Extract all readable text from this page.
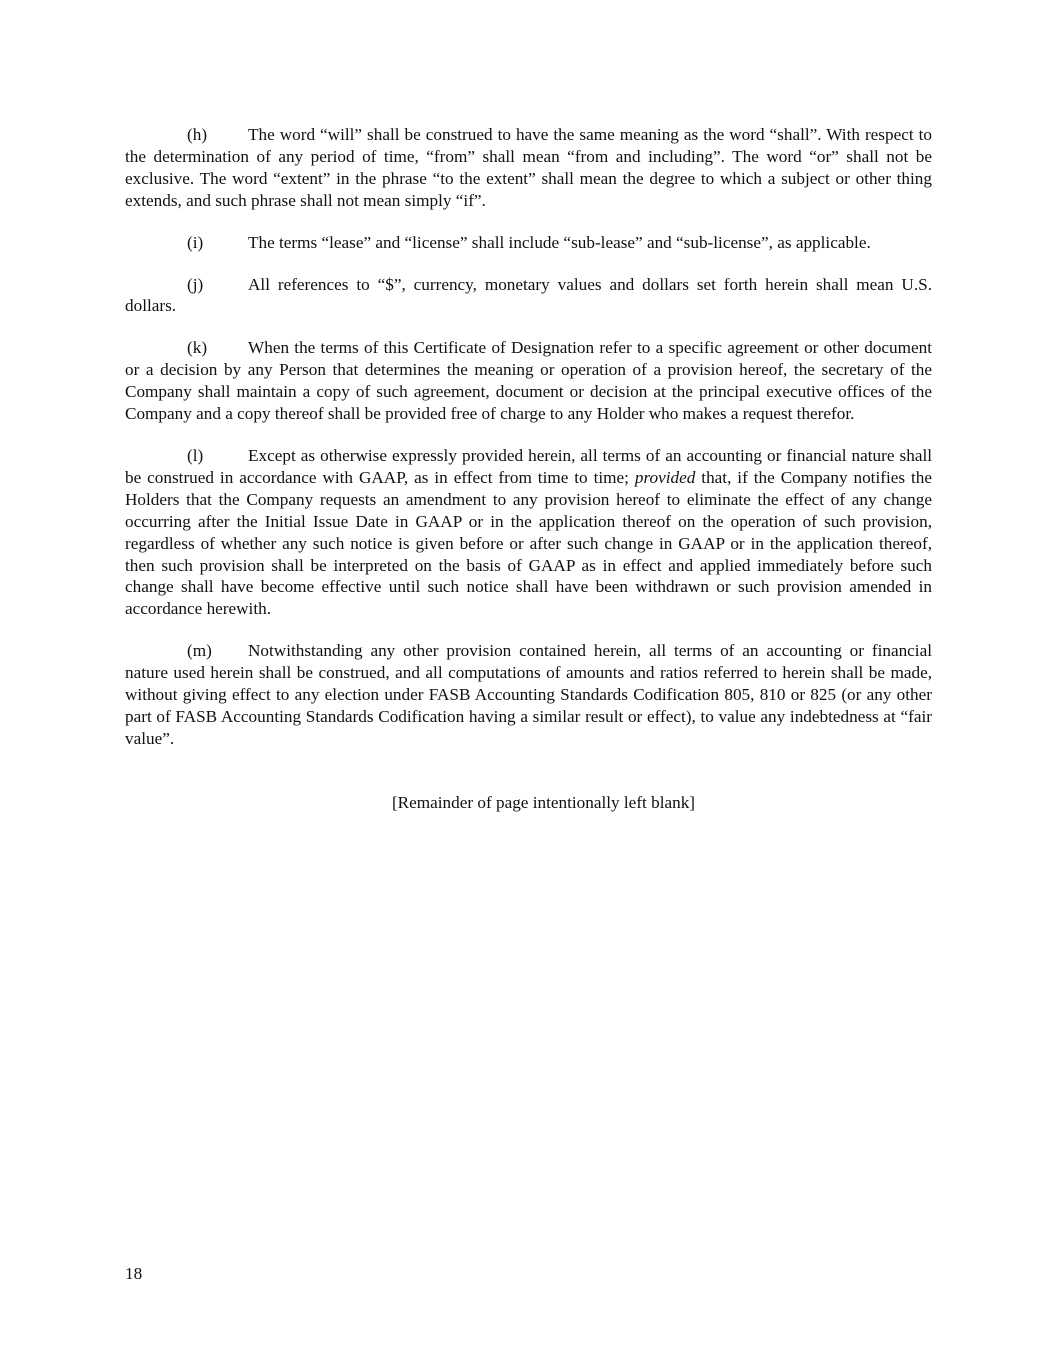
(h) The word “will” shall be construed to have the same meaning as the word “shall”. With respect to the determination of any period of time, “from” shall mean “from and including”. The word “or” shall not be exclusive. The word “extent” in the phrase “to the extent” shall mean the degree to which a subject or other thing extends, and such phrase shall not mean simply “if”.

(i)	The terms “lease” and “license” shall include “sub-lease” and “sub-license”, as applicable.

(j)	All references to “$”, currency, monetary values and dollars set forth herein shall mean U.S. dollars.

(k) When the terms of this Certificate of Designation refer to a specific agreement or other document or a decision by any Person that determines the meaning or operation of a provision hereof, the secretary of the Company shall maintain a copy of such agreement, document or decision at the principal executive offices of the Company and a copy thereof shall be provided free of charge to any Holder who makes a request therefor.

(l)	Except as otherwise expressly provided herein, all terms of an accounting or financial nature shall be construed in accordance with GAAP, as in effect from time to time; provided that, if the Company notifies the Holders that the Company requests an amendment to any provision hereof to eliminate the effect of any change occurring after the Initial Issue Date in GAAP or in the application thereof on the operation of such provision, regardless of whether any such notice is given before or after such change in GAAP or in the application thereof, then such provision shall be interpreted on the basis of GAAP as in effect and applied immediately before such change shall have become effective until such notice shall have been withdrawn or such provision amended in accordance herewith.

(m) Notwithstanding any other provision contained herein, all terms of an accounting or financial nature used herein shall be construed, and all computations of amounts and ratios referred to herein shall be made, without giving effect to any election under FASB Accounting Standards Codification 805, 810 or 825 (or any other part of FASB Accounting Standards Codification having a similar result or effect), to value any indebtedness at “fair value”.

[Remainder of page intentionally left blank]

18
